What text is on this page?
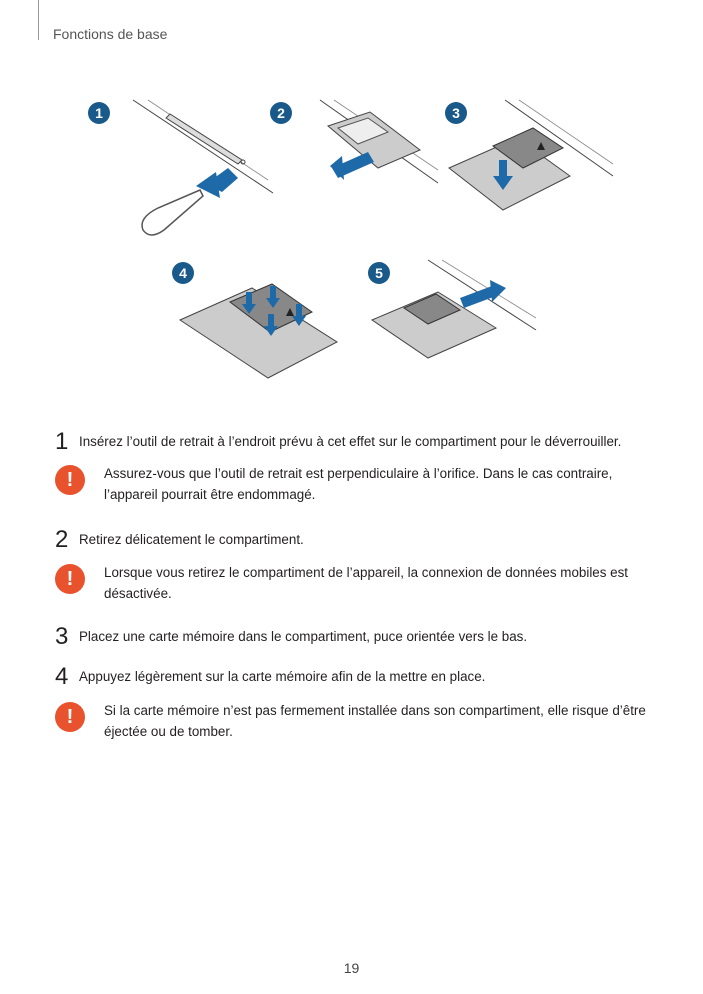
Fonctions de base
1	2	3
4	5
1 Insérez l’outil de retrait à l’endroit prévu à cet effet sur le compartiment pour le déverrouiller.
!	Assurez-vous que l’outil de retrait est perpendiculaire à l’orifice. Dans le cas contraire, l’appareil pourrait être endommagé.
2 Retirez délicatement le compartiment.
!	Lorsque vous retirez le compartiment de l’appareil, la connexion de données mobiles est désactivée.
3 Placez une carte mémoire dans le compartiment, puce orientée vers le bas.
4 Appuyez légèrement sur la carte mémoire afin de la mettre en place.
!	Si la carte mémoire n’est pas fermement installée dans son compartiment, elle risque d’être éjectée ou de tomber.
19
